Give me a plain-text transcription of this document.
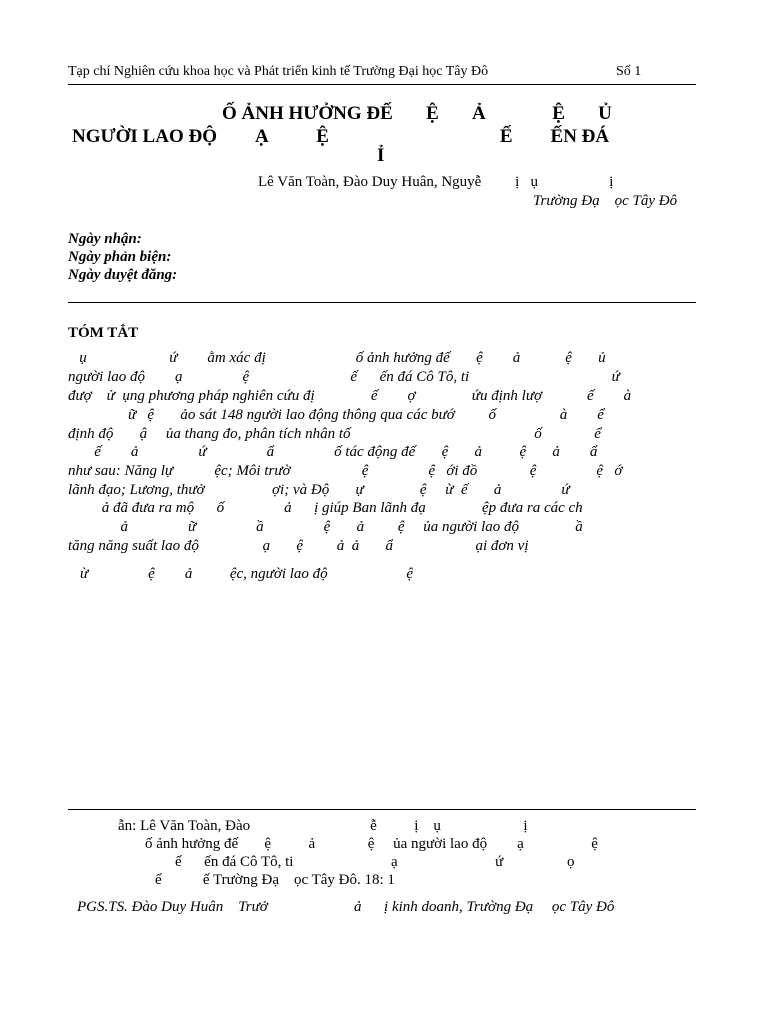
Tạp chí Nghiên cứu khoa học và Phát triển kinh tế Trường Đại học Tây Đô	Số 1
Ố ẢNH HƯỞNG ĐẾ       Ệ       Ả              Ệ       Ủ
NGƯỜI LAO ĐỘ        Ạ          Ệ                                    Ế        ẾN ĐÁ
Ỉ
Lê Văn Toàn, Đào Duy Huân, Nguyễ         ị   ụ                   ị
Trường Đạ    ọc Tây Đô
Ngày nhận:
Ngày phản biện:
Ngày duyệt đăng:
TÓM TẮT
ụ                      ứ        ằm xác đị                        ố ảnh hưởng đế       ệ        ả            ệ       ủ
người lao độ        ạ                ệ                           ế      ến đá Cô Tô, ti                                      ứ
đượ    ử  ụng phương pháp nghiên cứu đị               ế        ợ               ứu định lượ            ế        à
ữ   ệ       ảo sát 148 người lao động thông qua các bướ         ố                 à        ể
định độ       ậ     ủa thang đo, phân tích nhân tố                                                 ố              ể
ế        ả                ứ                ẩ                ố tác động đế       ệ       ả          ệ       ả        ẩ
như sau: Năng lự           ệc; Môi trườ                   ệ                ệ   ới đồ              ệ                ệ   ớ
lãnh đạo; Lương, thưở                  ợi; và Độ       ự               ệ     ừ  ế       ả                ứ
ả đã đưa ra mộ      ố                ả      ị giúp Ban lãnh đạ               ệp đưa ra các ch
ả                ữ                ầ                ệ       ả         ệ     ủa người lao độ               ầ
tăng năng suất lao độ                 ạ       ệ         ả  ả       ẩ                      ại đơn vị
ừ                ệ        ả          ệc, người lao độ                     ệ
ẫn: Lê Văn Toàn, Đào                                ễ          ị    ụ                      ị
ố ảnh hưởng đế       ệ          ả              ệ     ủa người lao độ        ạ                  ệ
ế      ến đá Cô Tô, ti                          ạ                          ứ                 ọ
ế           ế Trường Đạ    ọc Tây Đô. 18: 1
PGS.TS. Đào Duy Huân    Trưở                       ả      ị kinh doanh, Trường Đạ     ọc Tây Đô
